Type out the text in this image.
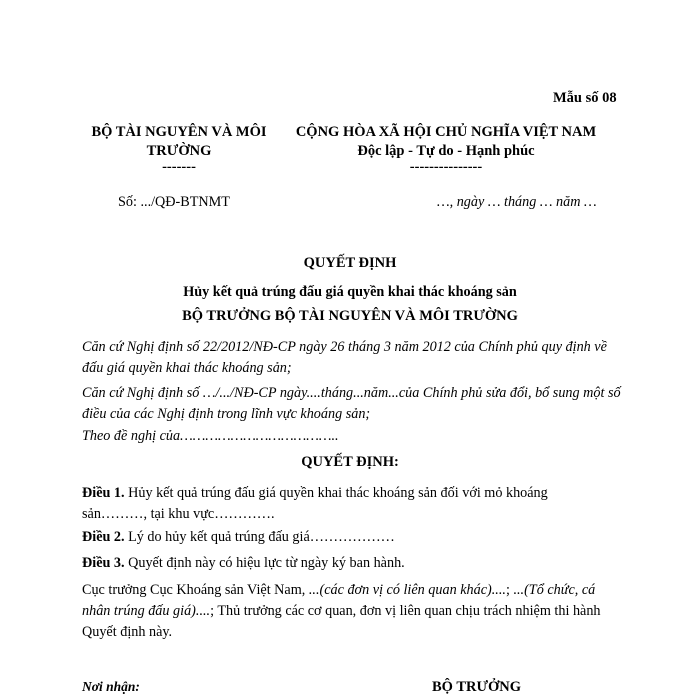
Mẫu số 08
BỘ TÀI NGUYÊN VÀ MÔI
TRƯỜNG
-------
CỘNG HÒA XÃ HỘI CHỦ NGHĨA VIỆT NAM
Độc lập - Tự do - Hạnh phúc
---------------
Số: .../QĐ-BTNMT	…, ngày … tháng … năm …
QUYẾT ĐỊNH
Hủy kết quả trúng đấu giá quyền khai thác khoáng sản
BỘ TRƯỞNG BỘ TÀI NGUYÊN VÀ MÔI TRƯỜNG
Căn cứ Nghị định số 22/2012/NĐ-CP ngày 26 tháng 3 năm 2012 của Chính phủ quy định về đấu giá quyền khai thác khoáng sản;
Căn cứ Nghị định số …/.../NĐ-CP ngày....tháng...năm...của Chính phủ sửa đổi, bổ sung một số điều của các Nghị định trong lĩnh vực khoáng sản;
Theo đề nghị của………………………………..
QUYẾT ĐỊNH:
Điều 1. Hủy kết quả trúng đấu giá quyền khai thác khoáng sản đối với mỏ khoáng sản………, tại khu vực………….
Điều 2. Lý do hủy kết quả trúng đấu giá………………
Điều 3. Quyết định này có hiệu lực từ ngày ký ban hành.
Cục trưởng Cục Khoáng sản Việt Nam, ...(các đơn vị có liên quan khác)....; ...(Tổ chức, cá nhân trúng đấu giá)....; Thủ trưởng các cơ quan, đơn vị liên quan chịu trách nhiệm thi hành Quyết định này.
Nơi nhận:	BỘ TRƯỞNG
